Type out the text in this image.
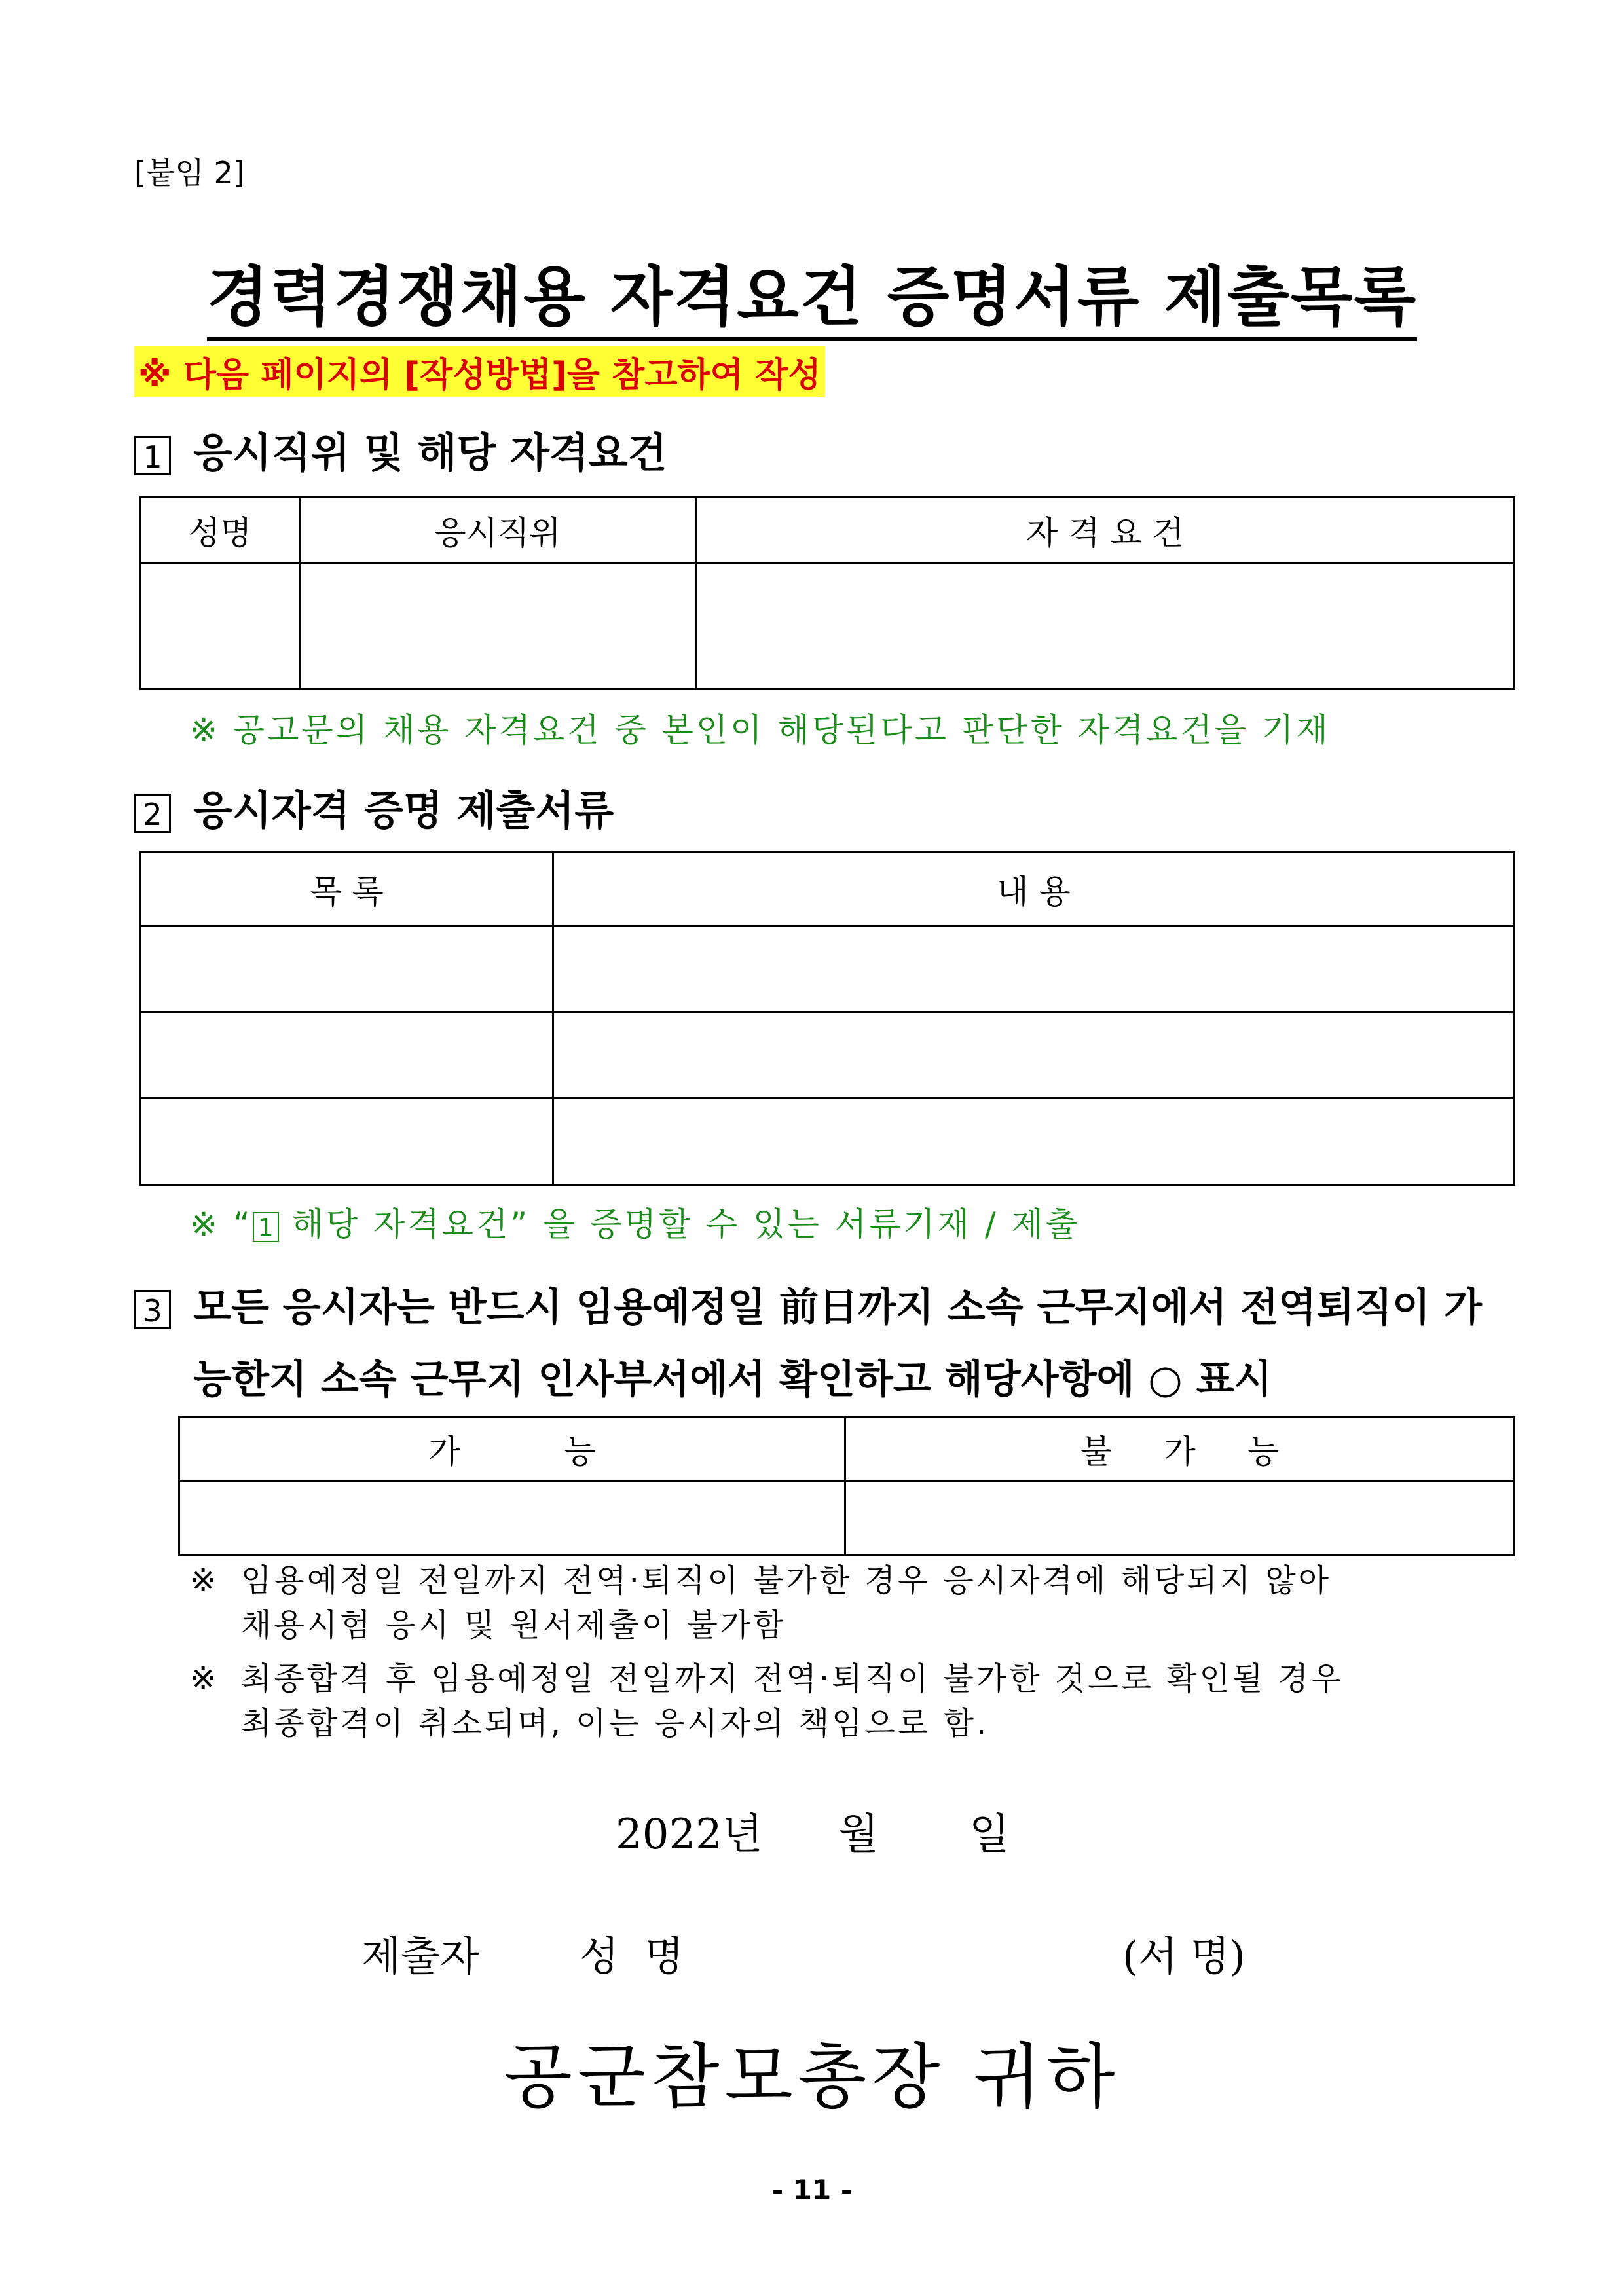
[붙임 2]
경력경쟁채용 자격요건 증명서류 제출목록
※ 다음 페이지의 [작성방법]을 참고하여 작성
1 응시직위 및 해당 자격요건
성명	응시직위	자 격 요 건

※ 공고문의 채용 자격요건 중 본인이 해당된다고 판단한 자격요건을 기재
2 응시자격 증명 제출서류
목 록	내 용

※ “ 1 해당 자격요건” 을 증명할 수 있는 서류기재 / 제출
3 모든 응시자는 반드시 임용예정일 前日까지 소속 근무지에서 전역퇴직이 가
능한지 소속 근무지 인사부서에서 확인하고 해당사항에 ○ 표시
가          능	불     가     능

※ 임용예정일 전일까지 전역·퇴직이 불가한 경우 응시자격에 해당되지 않아
채용시험 응시 및 원서제출이 불가함
※ 최종합격 후 임용예정일 전일까지 전역·퇴직이 불가한 것으로 확인될 경우
최종합격이 취소되며, 이는 응시자의 책임으로 함.
2022년 월 일
제출자 성  명	(서 명)
공군참모총장 귀하
- 11 -
